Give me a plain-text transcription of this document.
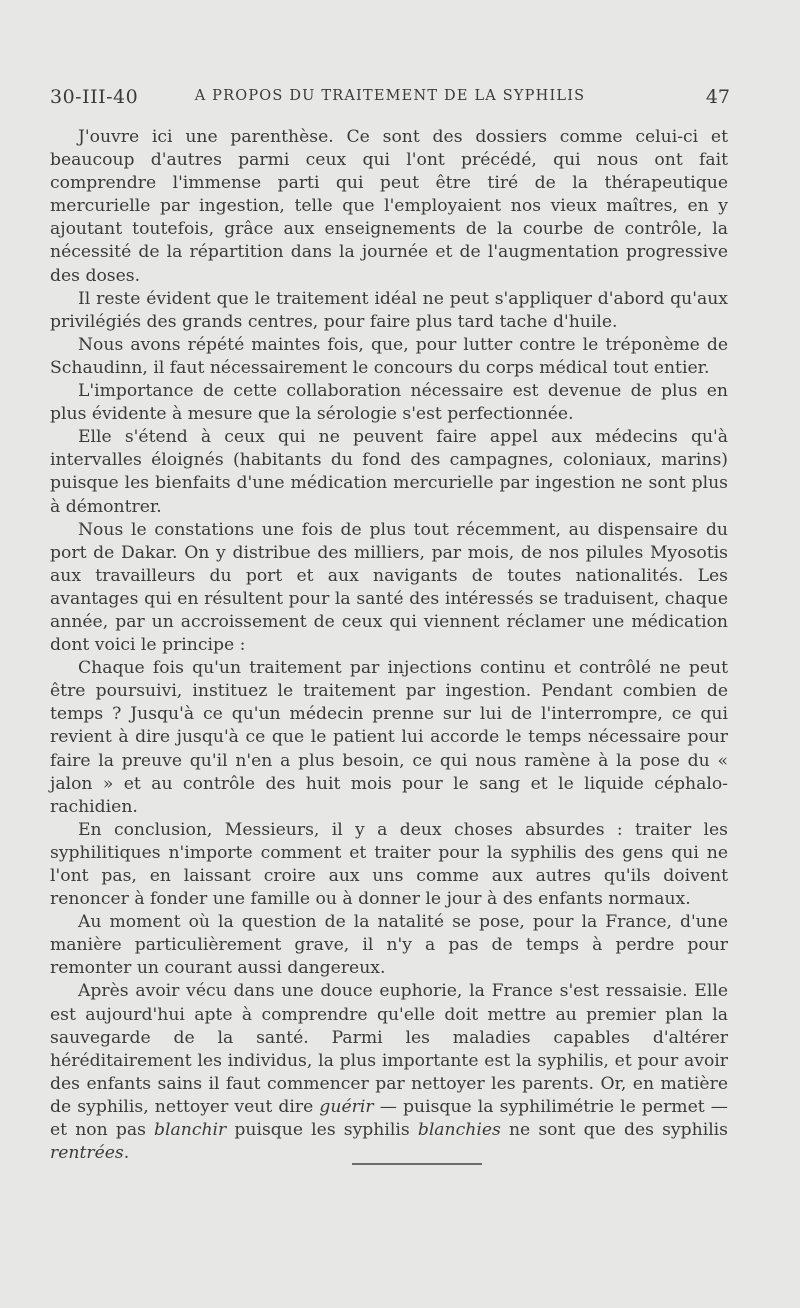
30-III-40	A PROPOS DU TRAITEMENT DE LA SYPHILIS	47

J'ouvre ici une parenthèse. Ce sont des dossiers comme celui-ci et beaucoup d'autres parmi ceux qui l'ont précédé, qui nous ont fait comprendre l'immense parti qui peut être tiré de la thérapeutique mercurielle par ingestion, telle que l'employaient nos vieux maîtres, en y ajoutant toutefois, grâce aux enseignements de la courbe de contrôle, la nécessité de la répartition dans la journée et de l'augmentation progressive des doses.

Il reste évident que le traitement idéal ne peut s'appliquer d'abord qu'aux privilégiés des grands centres, pour faire plus tard tache d'huile.

Nous avons répété maintes fois, que, pour lutter contre le tréponème de Schaudinn, il faut nécessairement le concours du corps médical tout entier.

L'importance de cette collaboration nécessaire est devenue de plus en plus évidente à mesure que la sérologie s'est perfectionnée.

Elle s'étend à ceux qui ne peuvent faire appel aux médecins qu'à intervalles éloignés (habitants du fond des campagnes, coloniaux, marins) puisque les bienfaits d'une médication mercurielle par ingestion ne sont plus à démontrer.

Nous le constations une fois de plus tout récemment, au dispensaire du port de Dakar. On y distribue des milliers, par mois, de nos pilules Myosotis aux travailleurs du port et aux navigants de toutes nationalités. Les avantages qui en résultent pour la santé des intéressés se traduisent, chaque année, par un accroissement de ceux qui viennent réclamer une médication dont voici le principe :

Chaque fois qu'un traitement par injections continu et contrôlé ne peut être poursuivi, instituez le traitement par ingestion. Pendant combien de temps ? Jusqu'à ce qu'un médecin prenne sur lui de l'interrompre, ce qui revient à dire jusqu'à ce que le patient lui accorde le temps nécessaire pour faire la preuve qu'il n'en a plus besoin, ce qui nous ramène à la pose du « jalon » et au contrôle des huit mois pour le sang et le liquide céphalo-rachidien.

En conclusion, Messieurs, il y a deux choses absurdes : traiter les syphilitiques n'importe comment et traiter pour la syphilis des gens qui ne l'ont pas, en laissant croire aux uns comme aux autres qu'ils doivent renoncer à fonder une famille ou à donner le jour à des enfants normaux.

Au moment où la question de la natalité se pose, pour la France, d'une manière particulièrement grave, il n'y a pas de temps à perdre pour remonter un courant aussi dangereux.

Après avoir vécu dans une douce euphorie, la France s'est ressaisie. Elle est aujourd'hui apte à comprendre qu'elle doit mettre au premier plan la sauvegarde de la santé. Parmi les maladies capables d'altérer héréditairement les individus, la plus importante est la syphilis, et pour avoir des enfants sains il faut commencer par nettoyer les parents. Or, en matière de syphilis, nettoyer veut dire guérir — puisque la syphilimétrie le permet — et non pas blanchir puisque les syphilis blanchies ne sont que des syphilis rentrées.
